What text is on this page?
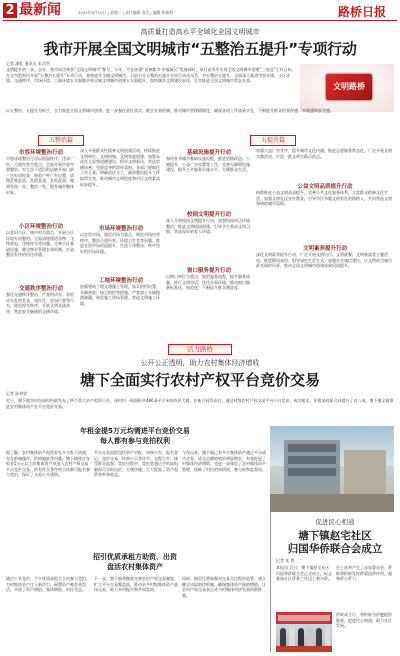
2 最新闻	2021年8月10日 | 星期二 | 责任编辑 金洁 | 编辑 陈杨利	路桥日报
高质量打造高水平全域化全国文明城市
我市开展全国文明城市“五整治五提升”专项行动
记者 潘虹 通讯员 朱浩然
文明提升创一步。去年，我市成功荣获“全国文明城市”称号。今年，为在创建“首善都市·幸福城区”发展同时，家灯高水平实现全国文明城市创建“三连冠”工作目标，在全市范围内开展“五整治五提升”专项行动，加快提升全域文明城市。日前召开五整治五提升专项行动动员会，对五整治五提升，全面深入推进市容环境、小区环境、交通秩序、市场环境、工地环境五方面整治和全域文明城市创建五方面提升，加快城乡文明建设步伐，扎实推进全国文明城市常态长效。
文明路桥
以五整治、五提升为抓手，全力推进全国文明城市创建。进一步强化责任落实，健全长效机制，推动城市管理精细化，确保各项工作落到实处，不断提升群众的获得感、幸福感和安全感。
五整治篇	五提升篇
市容环境整治行动
市容环境整治行动以街面秩序、违章广告、占道经营为重点，全面开展市容市貌整治。对主次干道沿街店铺开展门前三包专项检查，规范户外广告设置，清理乱堆乱放、乱搭乱建、乱贴乱画，做到发现一处、整治一处，提升城市整体形象。
小区环境整治行动
以老旧小区、城中村为重点，开展小区环境专项整治，全面清理楼道杂物、飞线充电、违规停车等问题，完善小区基础设施，健全物业管理长效机制，打造整洁有序的居住环境。
交通秩序整治行动
强化交通秩序整治，严查机动车、非机动车乱停乱放、闯红灯、逆向行驶等行为，规范停车秩序，开展文明交通劝导，营造安全畅通的交通环境。
深入开展群众性精神文明创建活动，持续推进文明单位、文明村镇、文明家庭创建，加强未成年人思想道德建设，倡导文明新风，营造崇德向善、见贤思齐的浓厚氛围。各部门要细化工作方案，明确责任分工，确保整治提升工作取得实效，推动城市文明程度和市民文明素质同步提升。
市场环境整治行动
以农贸市场、商贸市场为重点，规范市场经营秩序，整治占道经营、环境卫生差等问题，推进农贸市场改造提升，打造干净整洁、秩序良好的市场环境。
工地环境整治行动
加强建筑工地文明施工管理，落实围挡设置、车辆冲洗、扬尘防控等措施，严查渣土车辆抛洒滴漏，规范施工现场管理，营造文明施工环境。
基础设施提升行动
加快补齐城市基础设施短板，推进道路改造、公厕提升、公益广告设置等工作，完善无障碍设施建设，提升公共服务设施水平，方便群众生活。
校园文明提升行动
深入开展校园文明提升行动，加强校园周边环境整治，推进文明校园创建，引导学生养成文明习惯，营造良好的育人环境。
窗口服务提升行动
以窗口单位为重点，规范服务流程，提升服务质量，推行文明用语，优化办事环境，推动窗口服务标准化、规范化，不断提升群众满意度。
加强公益广告宣传，提升城市文化内涵，推进志愿服务常态化，广泛开展文明实践活动，打造一批文明实践示范点。
公益文明品质提升行动
持续推进公益文明品质提升，完善公共文化服务体系，丰富群众精神文化生活，加强文明礼仪宣传教育，引导市民争做文明有礼的路桥人，共同营造文明和谐的城市氛围。
文明素养提升行动
深化文明素养提升行动，广泛开展文明出行、文明就餐、文明旅游等主题活动，推进移风易俗，倡导绿色生活方式，加强社会诚信建设，让文明成为城市最亮丽的风景，推动全国文明城市创建成果巩固提升。
活力路桥
公开公正透明，助力农村集体经济增收
塘下全面实行农村产权平台竞价交易
记者 陈林钦
近日，塘下镇韦村东园村经联发布了两个重大资产租赁公告，该村内一间面积共486.6平方米的四层大楼，在新合同发布后，通过村级农村产权交易平台公开竞价，成功租出，年租金较原合同提升了近八成。塘下镇全面推进农村集体资产在平台竞价交易。
年租金提5万元均需进平台竞价交易
每人都有参与竞拍权利
据了解，农村集体资产租赁原先多为私下协商，存在暗箱操作、价格偏低等问题。塘下镇规定年租金5万元以上的集体资产须进入农村产权交易平台竞价交易，所有符合条件的主体都可报名参与竞拍，保证了交易公开透明。
平台交易流程包括资产申报、审核公告、报名登记、竞价交易、结果公示等环节，全程公开，接受群众监督。竞价过程中，竞拍者通过手机或电脑即可实时出价，方便快捷，大大提高了资产租赁效率和收益。
今年以来，塘下镇已有多宗集体资产通过平台成功交易，成交总额较底价明显增长，有效促进了村集体经济增收，也进一步规范了农村集体资产管理，保障了村民的知情权、参与权和监督权。
招引优质承租方助资、出资
盘活农村集体资产
通过公开竞价，不少优质承租方主动参与竞拍，为村集体资产注入新活力，闲置资产被有效盘活，实现了资产增值、集体增收、村民受益。
下一步，塘下镇将继续完善农村产权交易制度，扩大平台交易覆盖面，推动更多村级集体资产进场交易，助力乡村振兴和共同富裕。
同时，镇里还将加强对交易全过程的监管，建立健全风险防控机制，确保集体资产保值增值，让农村产权交易真正成为村集体经济发展的助推器。
促进民心相通
塘下镇赵宅社区
归国华侨联合会成立
记者 朱 艳
本报讯 近日，塘下镇赵宅社区归国华侨联合会正式成立，标志着该社区侨务工作迈上新台阶。
会上选举产生了首届委员会，侨联将积极发挥桥梁纽带作用，凝聚侨心侨力。
侨联成立后，将积极为侨胞提供服务，促进民心相通，助力社区发展。
